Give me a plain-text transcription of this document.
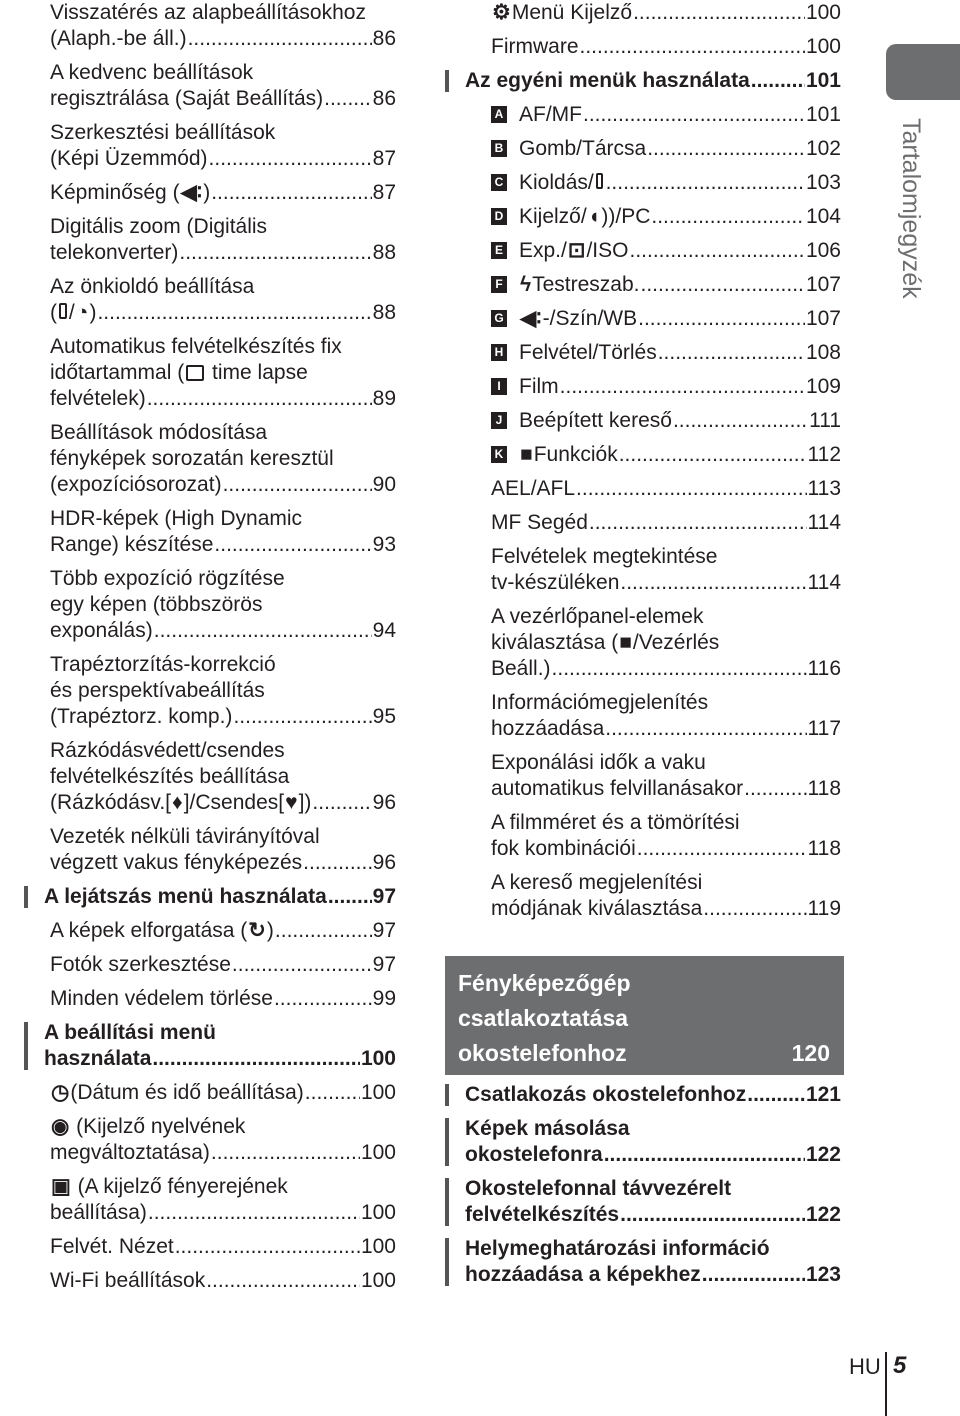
Visszatérés az alapbeállításokhoz
(Alaph.-be áll.) .....	86
A kedvenc beállítások
regisztrálása (Saját Beállítás) ..... 86
Szerkesztési beállítások
(Képi Üzemmód) .....	87
Képminőség ( ◀∶ ) .....	87
Digitális zoom (Digitális
telekonverter) .....	88
Az önkioldó beállítása
( / ◔ ) .....	88
Automatikus felvételkészítés fix
időtartammal ( time lapse
felvételek) .....	89
Beállítások módosítása
fényképek sorozatán keresztül
(expozíciósorozat) .....	90
HDR-képek (High Dynamic
Range) készítése .....	93
Több expozíció rögzítése
egy képen (többszörös
exponálás) .....	94
Trapéztorzítás-korrekció
és perspektívabeállítás
(Trapéztorz. komp.) .....	95
Rázkódásvédett/csendes
felvételkészítés beállítása
(Rázkódásv.[ ♦ ]/Csendes[ ♥ ]) .....	96
Vezeték nélküli távirányítóval
végzett vakus fényképezés .....	96
A lejátszás menü használata ..... 97
A képek elforgatása ( ↻ ) .....	97
Fotók szerkesztése .....	97
Minden védelem törlése .....	99
A beállítási menü
használata .....	100
◷ (Dátum és idő beállítása) .....	100
◉ (Kijelző nyelvének
megváltoztatása) .....	100
▣ (A kijelző fényerejének
beállítása) .....	100
Felvét. Nézet .....	100
Wi-Fi beállítások .....	100
⚙ Menü Kijelző .....	100
Firmware .....	100
Az egyéni menük használata .....	101
A AF/MF .....	101
B Gomb/Tárcsa .....	102
C Kioldás/ .....	103
D Kijelző/ ◖ ))/PC .....	104
E Exp./ ⊡ /ISO .....	106
F ϟ Testreszab. .....	107
G ◀∶ -/Szín/WB .....	107
H Felvétel/Törlés .....	108
I Film .....	109
J Beépített kereső .....	111
K ■ Funkciók .....	112
AEL/AFL .....	113
MF Segéd .....	114
Felvételek megtekintése
tv-készüléken .....	114
A vezérlőpanel-elemek
kiválasztása (■/Vezérlés
Beáll.) .....	116
Információmegjelenítés
hozzáadása .....	117
Exponálási idők a vaku
automatikus felvillanásakor .....	118
A filmméret és a tömörítési
fok kombinációi .....	118
A kereső megjelenítési
módjának kiválasztása .....	119
Fényképezőgép
csatlakoztatása
okostelefonhoz	120
Csatlakozás okostelefonhoz .....	121
Képek másolása
okostelefonra .....	122
Okostelefonnal távvezérelt
felvételkészítés .....	122
Helymeghatározási információ
hozzáadása a képekhez .....	123
Tartalomjegyzék
HU 5
